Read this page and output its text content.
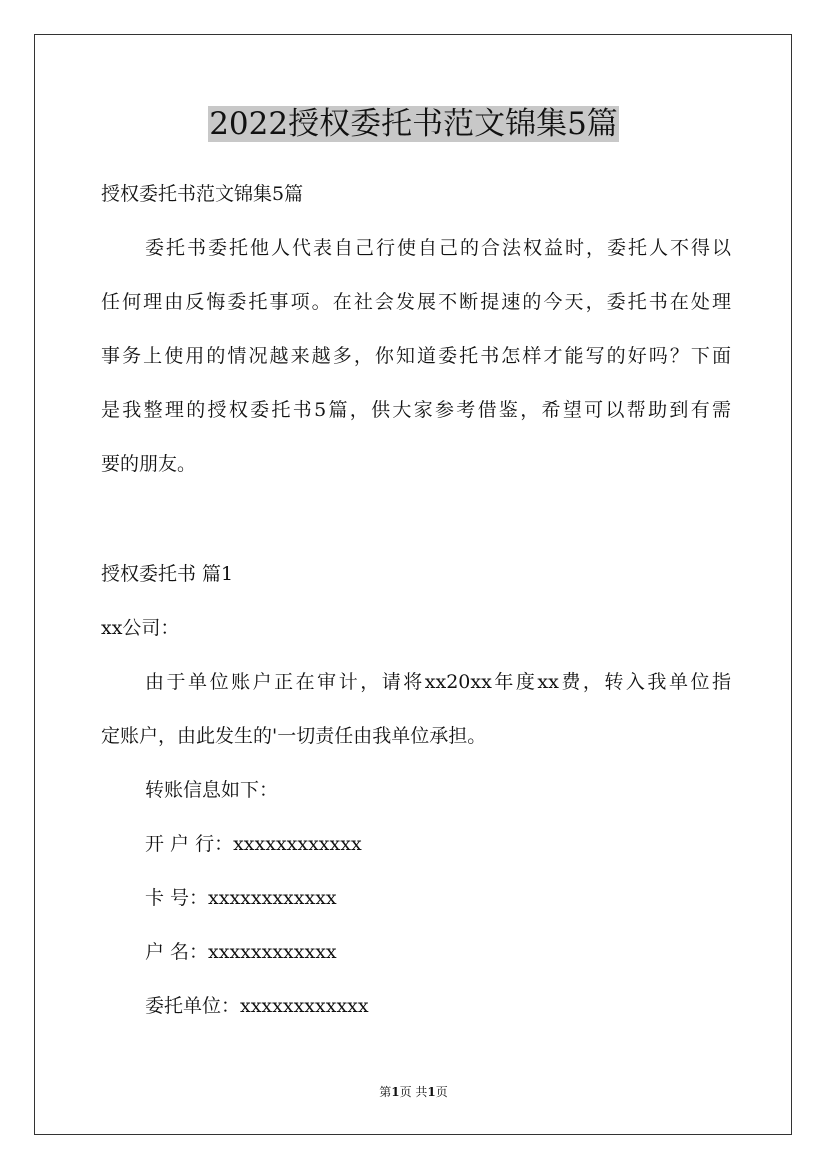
2022授权委托书范文锦集5篇
授权委托书范文锦集5篇
委托书委托他人代表自己行使自己的合法权益时，委托人不得以
任何理由反悔委托事项。在社会发展不断提速的今天，委托书在处理
事务上使用的情况越来越多，你知道委托书怎样才能写的好吗？下面
是我整理的授权委托书5篇，供大家参考借鉴，希望可以帮助到有需
要的朋友。
授权委托书 篇1
xx公司：
由于单位账户正在审计，请将xx20xx年度xx费，转入我单位指
定账户，由此发生的'一切责任由我单位承担。
转账信息如下：
开 户 行：xxxxxxxxxxxx
卡 号：xxxxxxxxxxxx
户 名：xxxxxxxxxxxx
委托单位：xxxxxxxxxxxx
第1页 共1页
